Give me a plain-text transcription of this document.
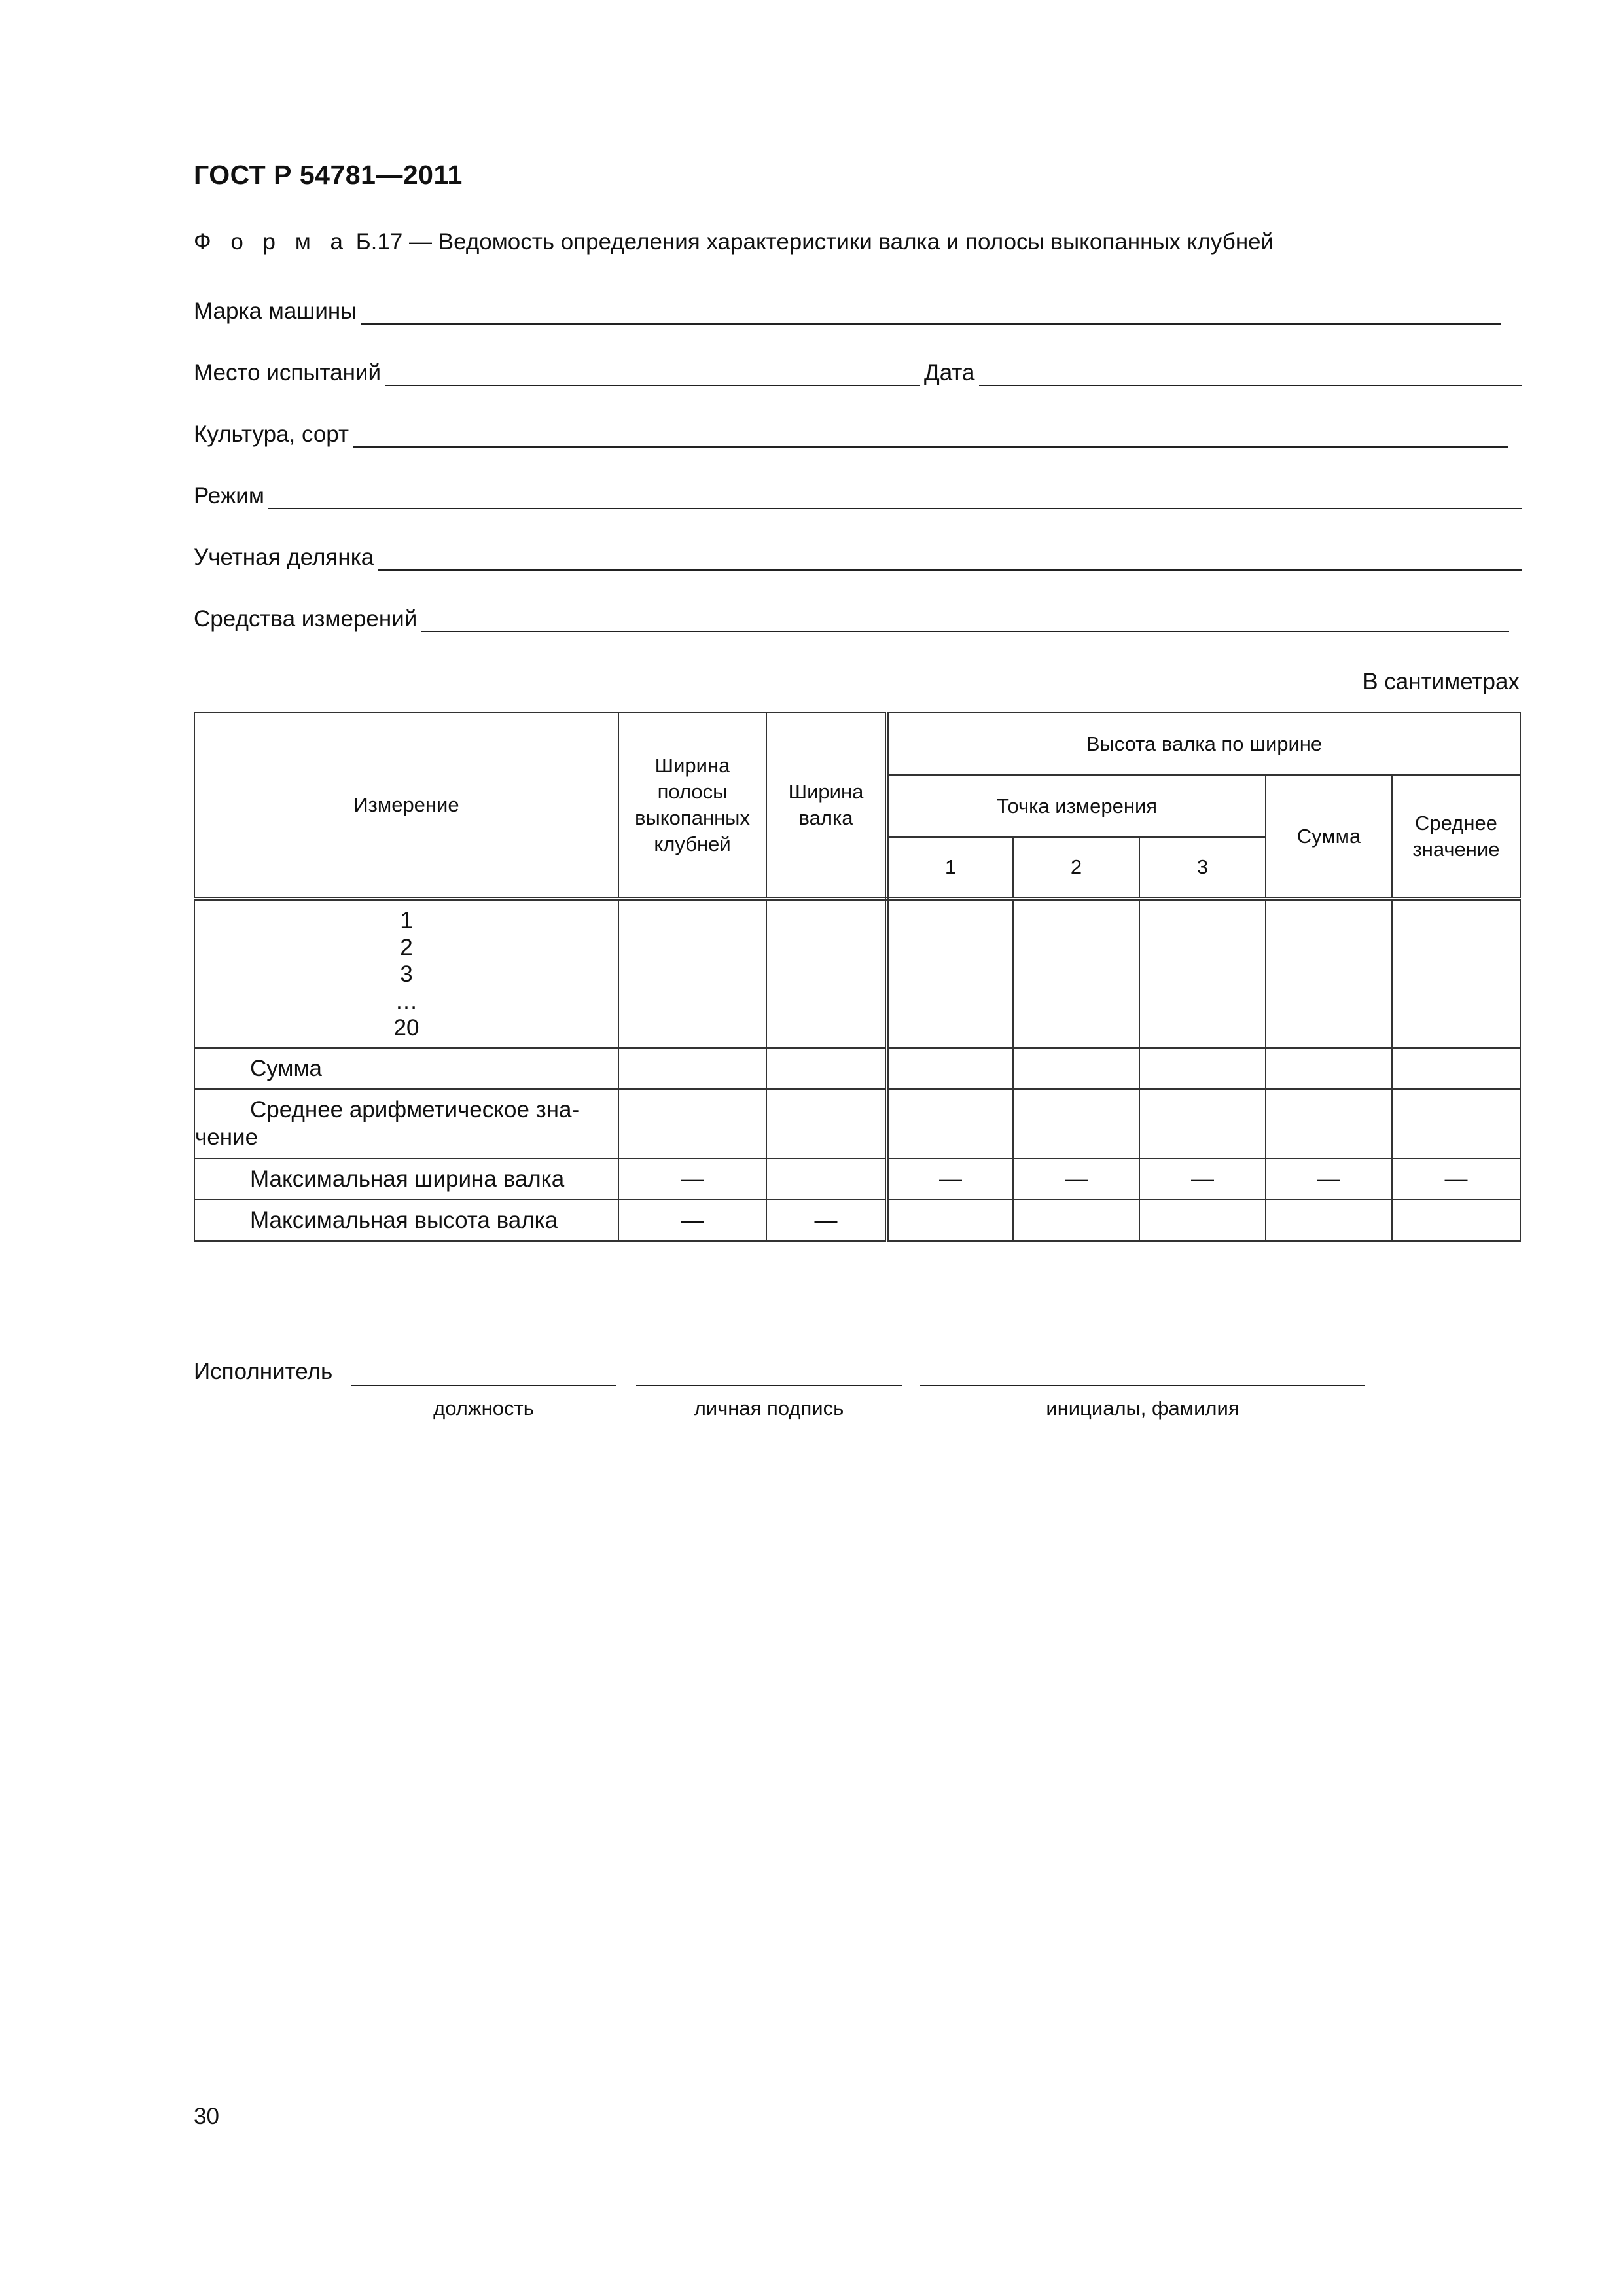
ГОСТ Р 54781—2011
Ф о р м а Б.17 — Ведомость определения характеристики валка и полосы выкопанных клубней
Марка машины
Место испытаний	Дата
Культура, сорт
Режим
Учетная делянка
Средства измерений
В сантиметрах
Измерение	Ширина полосы выкопанных клубней	Ширина валка	Высота валка по ширине				
			Точка измерения			Сумма	Среднее значение
			1	2	3		

1
2
3
…
20							

Сумма							
Среднее арифметическое зна-
чение							

Максимальная ширина валка	—		—	—	—	—	—
Максимальная высота валка	—	—					
Исполнитель
должность	личная подпись	инициалы, фамилия
30
